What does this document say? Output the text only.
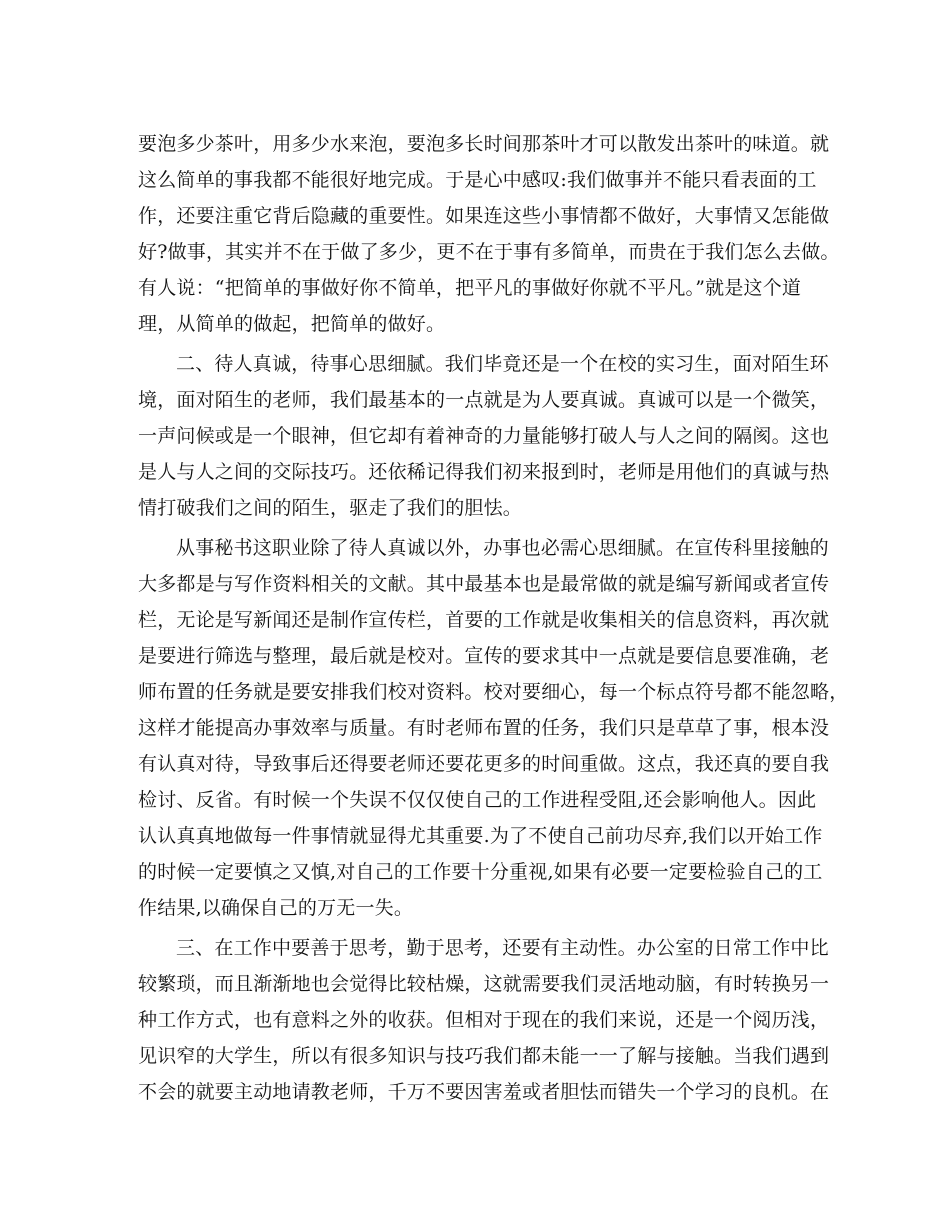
要泡多少茶叶，用多少水来泡，要泡多长时间那茶叶才可以散发出茶叶的味道。就
这么简单的事我都不能很好地完成。于是心中感叹:我们做事并不能只看表面的工
作，还要注重它背后隐藏的重要性。如果连这些小事情都不做好，大事情又怎能做
好?做事，其实并不在于做了多少，更不在于事有多简单，而贵在于我们怎么去做。
有人说：“把简单的事做好你不简单，把平凡的事做好你就不平凡。”就是这个道
理，从简单的做起，把简单的做好。
二、待人真诚，待事心思细腻。我们毕竟还是一个在校的实习生，面对陌生环
境，面对陌生的老师，我们最基本的一点就是为人要真诚。真诚可以是一个微笑，
一声问候或是一个眼神，但它却有着神奇的力量能够打破人与人之间的隔阂。这也
是人与人之间的交际技巧。还依稀记得我们初来报到时，老师是用他们的真诚与热
情打破我们之间的陌生，驱走了我们的胆怯。
从事秘书这职业除了待人真诚以外，办事也必需心思细腻。在宣传科里接触的
大多都是与写作资料相关的文献。其中最基本也是最常做的就是编写新闻或者宣传
栏，无论是写新闻还是制作宣传栏，首要的工作就是收集相关的信息资料，再次就
是要进行筛选与整理，最后就是校对。宣传的要求其中一点就是要信息要准确，老
师布置的任务就是要安排我们校对资料。校对要细心，每一个标点符号都不能忽略，
这样才能提高办事效率与质量。有时老师布置的任务，我们只是草草了事，根本没
有认真对待，导致事后还得要老师还要花更多的时间重做。这点，我还真的要自我
检讨、反省。有时候一个失误不仅仅使自己的工作进程受阻,还会影响他人。因此
认认真真地做每一件事情就显得尤其重要.为了不使自己前功尽弃,我们以开始工作
的时候一定要慎之又慎,对自己的工作要十分重视,如果有必要一定要检验自己的工
作结果,以确保自己的万无一失。
三、在工作中要善于思考，勤于思考，还要有主动性。办公室的日常工作中比
较繁琐，而且渐渐地也会觉得比较枯燥，这就需要我们灵活地动脑，有时转换另一
种工作方式，也有意料之外的收获。但相对于现在的我们来说，还是一个阅历浅，
见识窄的大学生，所以有很多知识与技巧我们都未能一一了解与接触。当我们遇到
不会的就要主动地请教老师，千万不要因害羞或者胆怯而错失一个学习的良机。在
